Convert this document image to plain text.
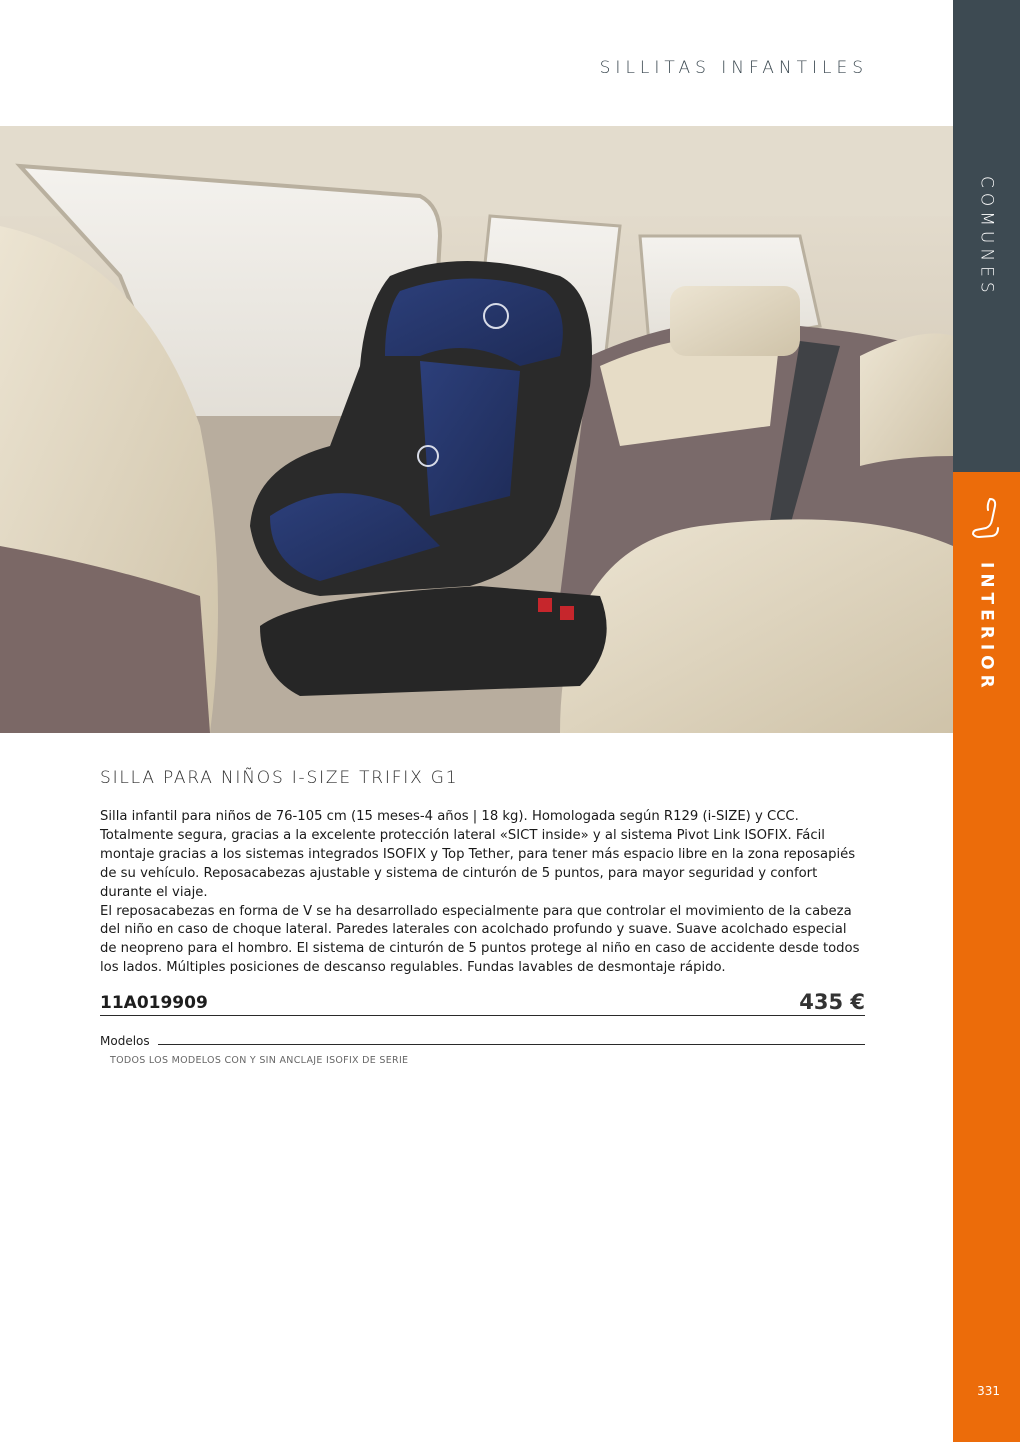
SILLITAS INFANTILES
COMUNES
INTERIOR
SILLA PARA NIÑOS I-SIZE TRIFIX G1

Silla infantil para niños de 76-105 cm (15 meses-4 años | 18 kg). Homologada según R129 (i-SIZE) y CCC. Totalmente segura, gracias a la excelente protección lateral «SICT inside» y al sistema Pivot Link ISOFIX. Fácil montaje gracias a los sistemas integrados ISOFIX y Top Tether, para tener más espacio libre en la zona reposapiés de su vehículo. Reposacabezas ajustable y sistema de cinturón de 5 puntos, para mayor seguridad y confort durante el viaje.

El reposacabezas en forma de V se ha desarrollado especialmente para que controlar el movimiento de la cabeza del niño en caso de choque lateral. Paredes laterales con acolchado profundo y suave. Suave acolchado especial de neopreno para el hombro. El sistema de cinturón de 5 puntos protege al niño en caso de accidente desde todos los lados. Múltiples posiciones de descanso regulables. Fundas lavables de desmontaje rápido.

11A019909	435 €
Modelos
TODOS LOS MODELOS CON Y SIN ANCLAJE ISOFIX DE SERIE
331
